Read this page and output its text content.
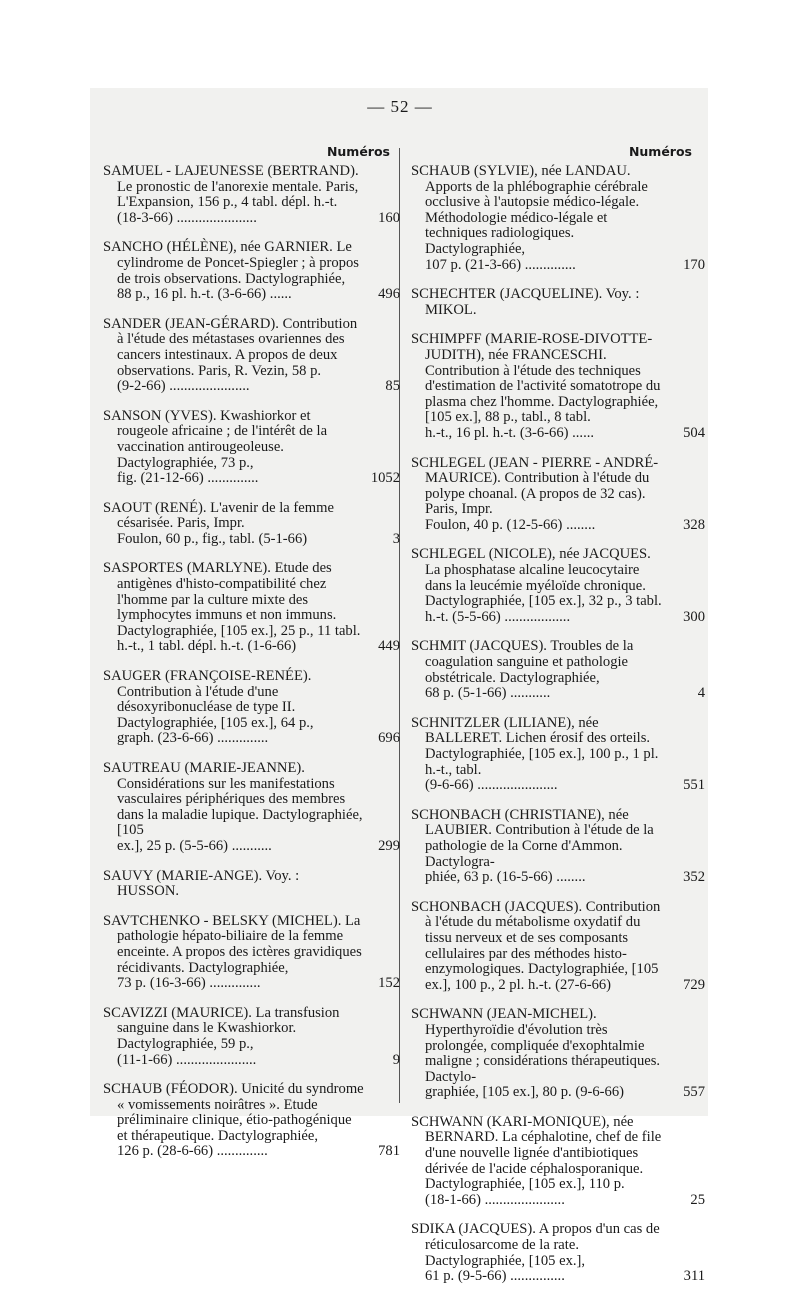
— 52 —
Numéros
SAMUEL - LAJEUNESSE (BERTRAND). Le pronostic de l'anorexie mentale. Paris, L'Expansion, 156 p., 4 tabl. dépl. h.-t.
(18-3-66) ......................	160
SANCHO (HÉLÈNE), née GARNIER. Le cylindrome de Poncet-Spiegler ; à propos de trois observations. Dactylographiée,
88 p., 16 pl. h.-t. (3-6-66) ......	496
SANDER (JEAN-GÉRARD). Contribution à l'étude des métastases ovariennes des cancers intestinaux. A propos de deux observations. Paris, R. Vezin, 58 p.
(9-2-66) ......................	85
SANSON (YVES). Kwashiorkor et rougeole africaine ; de l'intérêt de la vaccination antirougeoleuse. Dactylographiée, 73 p.,
fig. (21-12-66) ..............	1052
SAOUT (RENÉ). L'avenir de la femme césarisée. Paris, Impr.
Foulon, 60 p., fig., tabl. (5-1-66)	3
SASPORTES (MARLYNE). Etude des antigènes d'histo-compatibilité chez l'homme par la culture mixte des lymphocytes immuns et non immuns. Dactylographiée, [105 ex.], 25 p., 11 tabl.
h.-t., 1 tabl. dépl. h.-t. (1-6-66)	449
SAUGER (FRANÇOISE-RENÉE). Contribution à l'étude d'une désoxyribonucléase de type II. Dactylographiée, [105 ex.], 64 p.,
graph. (23-6-66) ..............	696
SAUTREAU (MARIE-JEANNE). Considérations sur les manifestations vasculaires périphériques des membres dans la maladie lupique. Dactylographiée, [105
ex.], 25 p. (5-5-66) ...........	299
SAUVY (MARIE-ANGE). Voy. : HUSSON.
SAVTCHENKO - BELSKY (MICHEL). La pathologie hépato-biliaire de la femme enceinte. A propos des ictères gravidiques récidivants. Dactylographiée,
73 p. (16-3-66) ..............	152
SCAVIZZI (MAURICE). La transfusion sanguine dans le Kwashiorkor. Dactylographiée, 59 p.,
(11-1-66) ......................	9
SCHAUB (FÉODOR). Unicité du syndrome « vomissements noirâtres ». Etude préliminaire clinique, étio-pathogénique et thérapeutique. Dactylographiée,
126 p. (28-6-66) ..............	781
Numéros
SCHAUB (SYLVIE), née LANDAU. Apports de la phlébographie cérébrale occlusive à l'autopsie médico-légale. Méthodologie médico-légale et techniques radiologiques. Dactylographiée,
107 p. (21-3-66) ..............	170
SCHECHTER (JACQUELINE). Voy. : MIKOL.
SCHIMPFF (MARIE-ROSE-DIVOTTE-JUDITH), née FRANCESCHI. Contribution à l'étude des techniques d'estimation de l'activité somatotrope du plasma chez l'homme. Dactylographiée, [105 ex.], 88 p., tabl., 8 tabl.
h.-t., 16 pl. h.-t. (3-6-66) ......	504
SCHLEGEL (JEAN - PIERRE - ANDRÉ-MAURICE). Contribution à l'étude du polype choanal. (A propos de 32 cas). Paris, Impr.
Foulon, 40 p. (12-5-66) ........	328
SCHLEGEL (NICOLE), née JACQUES. La phosphatase alcaline leucocytaire dans la leucémie myéloïde chronique. Dactylographiée, [105 ex.], 32 p., 3 tabl.
h.-t. (5-5-66) ..................	300
SCHMIT (JACQUES). Troubles de la coagulation sanguine et pathologie obstétricale. Dactylographiée,
68 p. (5-1-66) ...........	4
SCHNITZLER (LILIANE), née BALLERET. Lichen érosif des orteils. Dactylographiée, [105 ex.], 100 p., 1 pl. h.-t., tabl.
(9-6-66) ......................	551
SCHONBACH (CHRISTIANE), née LAUBIER. Contribution à l'étude de la pathologie de la Corne d'Ammon. Dactylogra-
phiée, 63 p. (16-5-66) ........	352
SCHONBACH (JACQUES). Contribution à l'étude du métabolisme oxydatif du tissu nerveux et de ses composants cellulaires par des méthodes histo-enzymologiques. Dactylographiée, [105
ex.], 100 p., 2 pl. h.-t. (27-6-66)	729
SCHWANN (JEAN-MICHEL). Hyperthyroïdie d'évolution très prolongée, compliquée d'exophtalmie maligne ; considérations thérapeutiques. Dactylo-
graphiée, [105 ex.], 80 p. (9-6-66)	557
SCHWANN (KARI-MONIQUE), née BERNARD. La céphalotine, chef de file d'une nouvelle lignée d'antibiotiques dérivée de l'acide céphalosporanique. Dactylographiée, [105 ex.], 110 p.
(18-1-66) ......................	25
SDIKA (JACQUES). A propos d'un cas de réticulosarcome de la rate. Dactylographiée, [105 ex.],
61 p. (9-5-66) ...............	311
